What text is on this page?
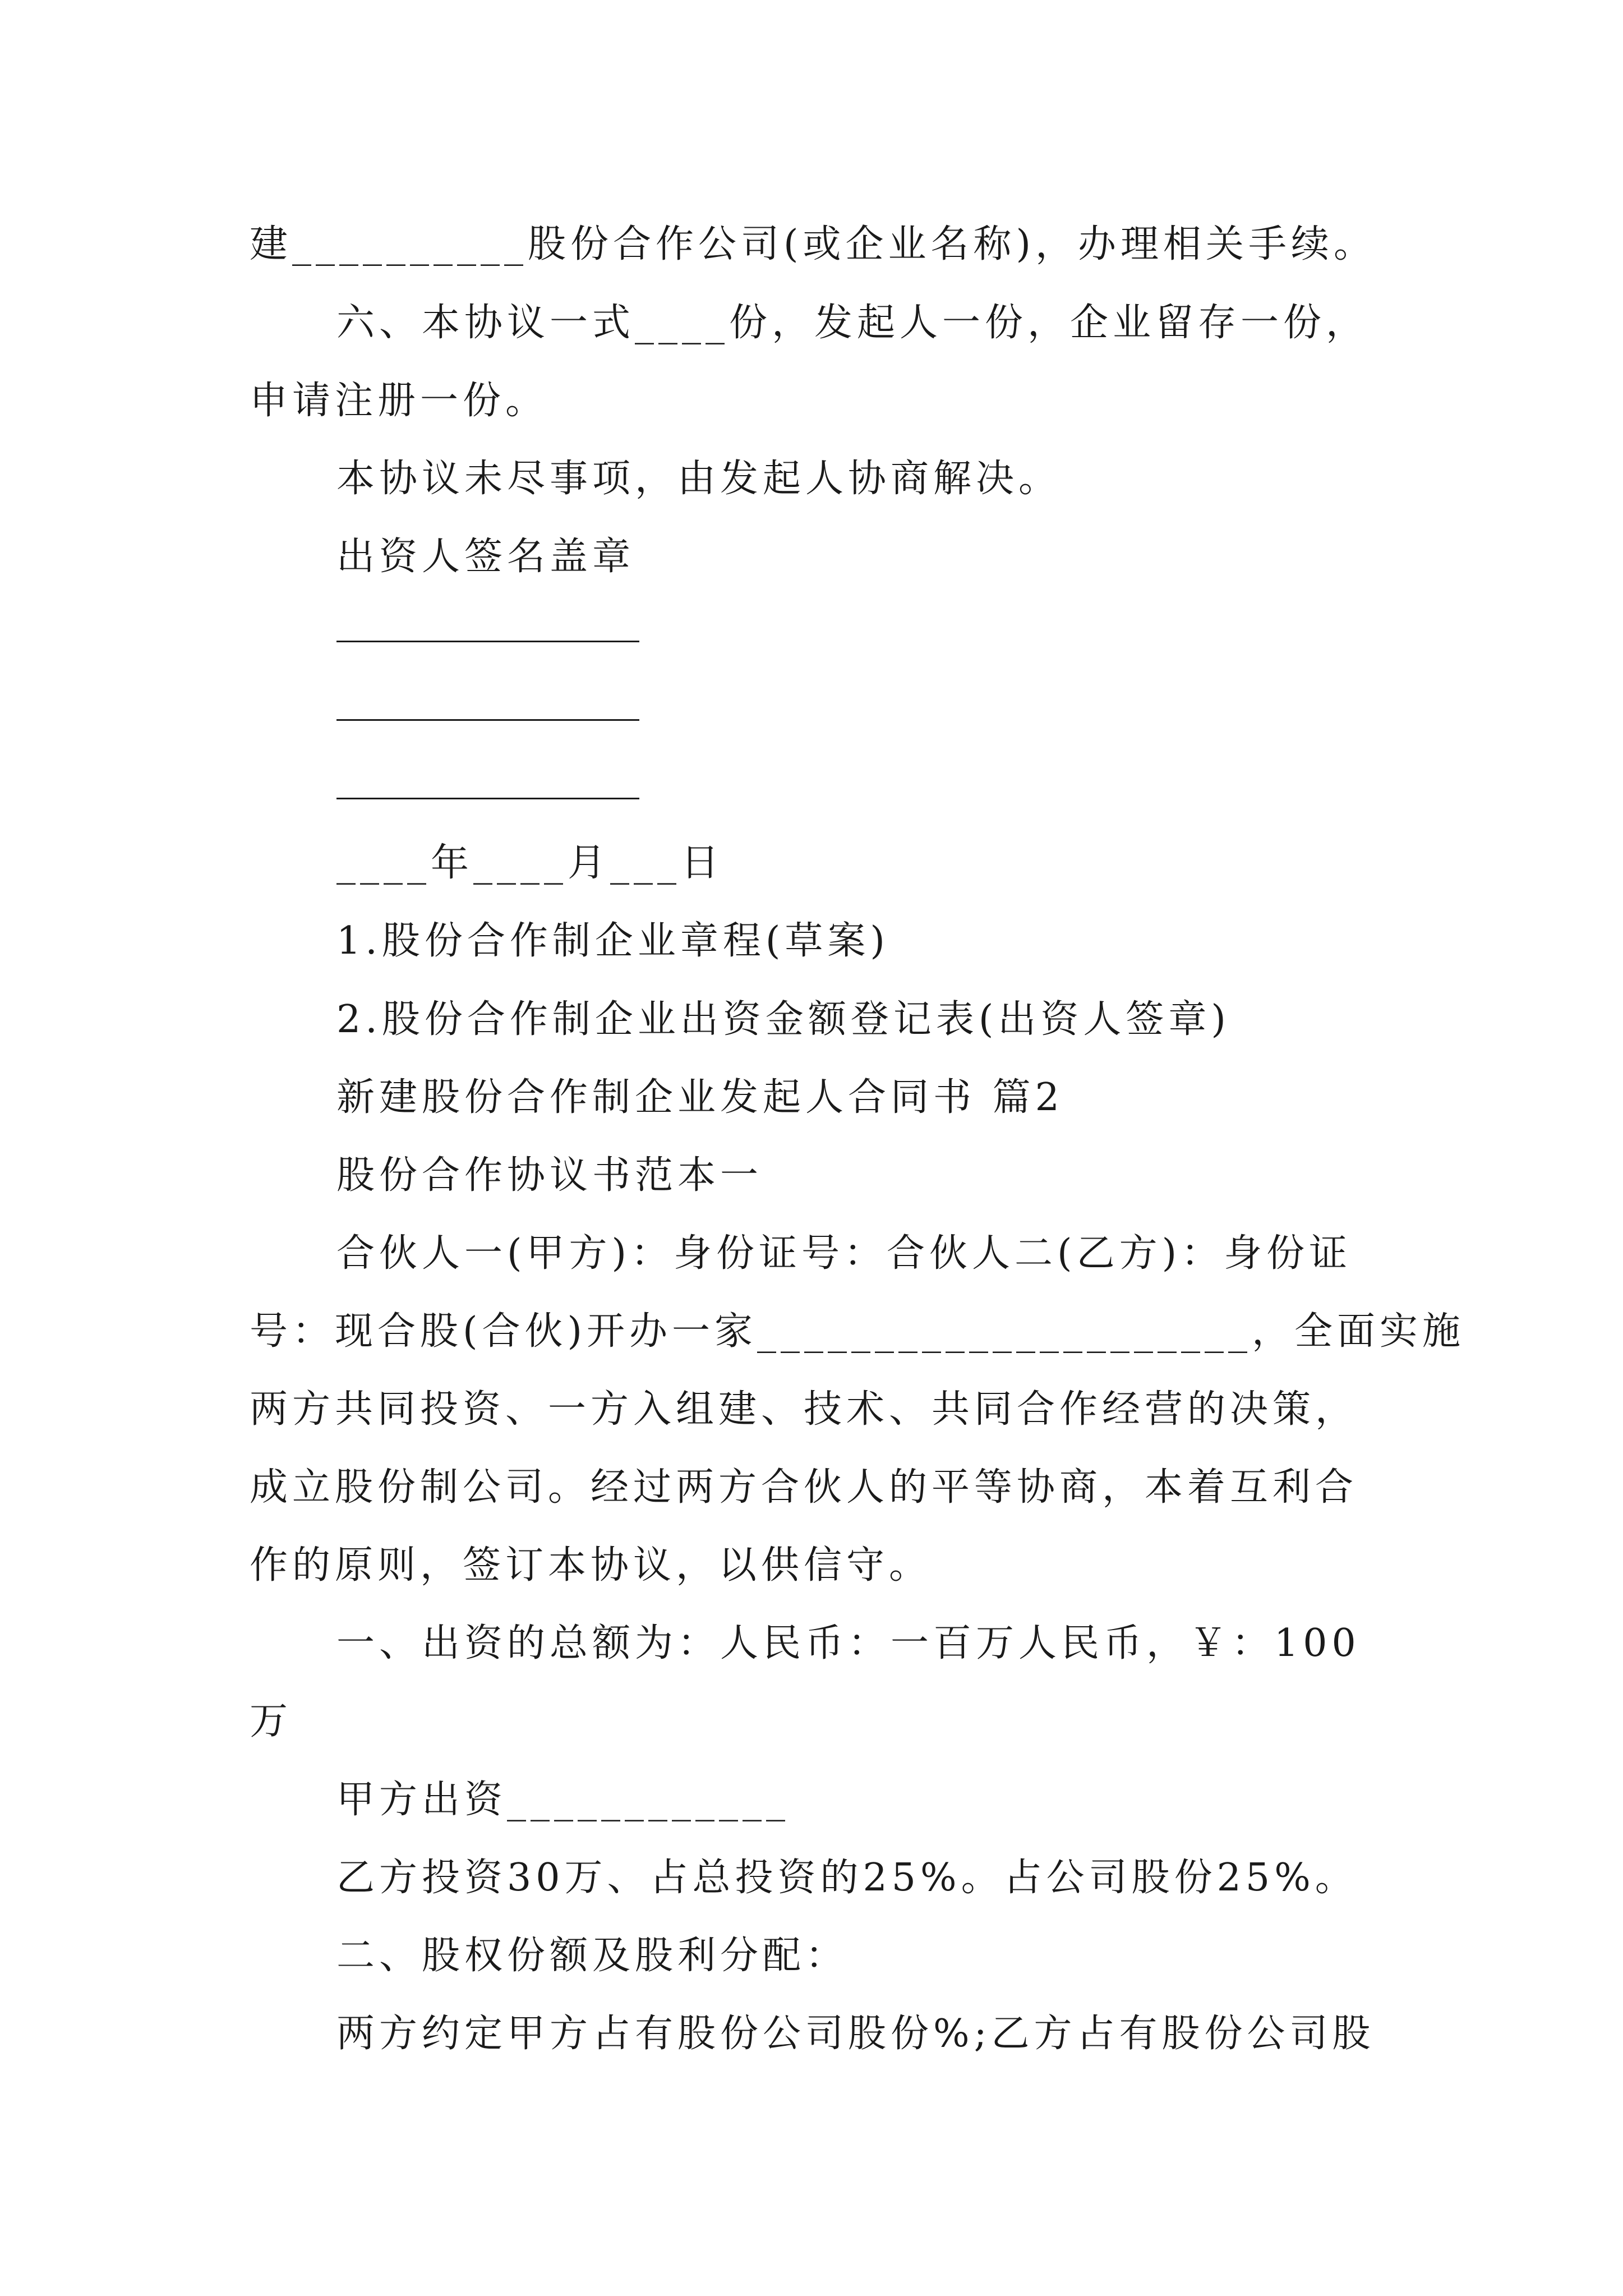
建__________股份合作公司(或企业名称)，办理相关手续。
六、本协议一式____份，发起人一份，企业留存一份，
申请注册一份。
本协议未尽事项，由发起人协商解决。
出资人签名盖章
____年____月___日
1.股份合作制企业章程(草案)
2.股份合作制企业出资金额登记表(出资人签章)
新建股份合作制企业发起人合同书 篇2
股份合作协议书范本一
合伙人一(甲方)：身份证号：合伙人二(乙方)：身份证
号：现合股(合伙)开办一家_____________________，全面实施
两方共同投资、一方入组建、技术、共同合作经营的决策，
成立股份制公司。经过两方合伙人的平等协商，本着互利合
作的原则，签订本协议，以供信守。
一、出资的总额为：人民币：一百万人民币，￥：100
万
甲方出资____________
乙方投资30万、占总投资的25%。占公司股份25%。
二、股权份额及股利分配：
两方约定甲方占有股份公司股份%;乙方占有股份公司股
